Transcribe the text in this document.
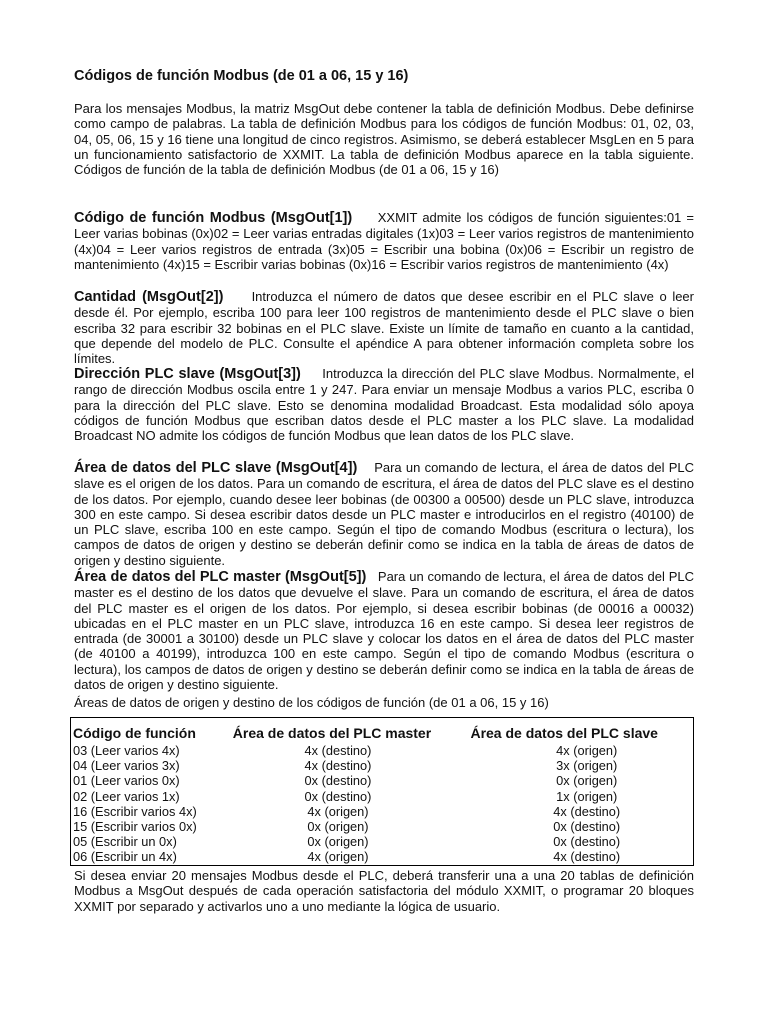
Códigos de función Modbus (de 01 a 06, 15 y 16)

Para los mensajes Modbus, la matriz MsgOut debe contener la tabla de definición Modbus. Debe definirse como campo de palabras. La tabla de definición Modbus para los códigos de función Modbus: 01, 02, 03, 04, 05, 06, 15 y 16 tiene una longitud de cinco registros. Asimismo, se deberá establecer MsgLen en 5 para un funcionamiento satisfactorio de XXMIT. La tabla de definición Modbus aparece en la tabla siguiente. Códigos de función de la tabla de definición Modbus (de 01 a 06, 15 y 16)

Código de función Modbus (MsgOut[1]) XXMIT admite los códigos de función siguientes:01 = Leer varias bobinas (0x)02 = Leer varias entradas digitales (1x)03 = Leer varios registros de mantenimiento (4x)04 = Leer varios registros de entrada (3x)05 = Escribir una bobina (0x)06 = Escribir un registro de mantenimiento (4x)15 = Escribir varias bobinas (0x)16 = Escribir varios registros de mantenimiento (4x)

Cantidad (MsgOut[2]) Introduzca el número de datos que desee escribir en el PLC slave o leer desde él. Por ejemplo, escriba 100 para leer 100 registros de mantenimiento desde el PLC slave o bien escriba 32 para escribir 32 bobinas en el PLC slave. Existe un límite de tamaño en cuanto a la cantidad, que depende del modelo de PLC. Consulte el apéndice A para obtener información completa sobre los límites.

Dirección PLC slave (MsgOut[3]) Introduzca la dirección del PLC slave Modbus. Normalmente, el rango de dirección Modbus oscila entre 1 y 247. Para enviar un mensaje Modbus a varios PLC, escriba 0 para la dirección del PLC slave. Esto se denomina modalidad Broadcast. Esta modalidad sólo apoya códigos de función Modbus que escriban datos desde el PLC master a los PLC slave. La modalidad Broadcast NO admite los códigos de función Modbus que lean datos de los PLC slave.

Área de datos del PLC slave (MsgOut[4]) Para un comando de lectura, el área de datos del PLC slave es el origen de los datos. Para un comando de escritura, el área de datos del PLC slave es el destino de los datos. Por ejemplo, cuando desee leer bobinas (de 00300 a 00500) desde un PLC slave, introduzca 300 en este campo. Si desea escribir datos desde un PLC master e introducirlos en el registro (40100) de un PLC slave, escriba 100 en este campo. Según el tipo de comando Modbus (escritura o lectura), los campos de datos de origen y destino se deberán definir como se indica en la tabla de áreas de datos de origen y destino siguiente.

Área de datos del PLC master (MsgOut[5]) Para un comando de lectura, el área de datos del PLC master es el destino de los datos que devuelve el slave. Para un comando de escritura, el área de datos del PLC master es el origen de los datos. Por ejemplo, si desea escribir bobinas (de 00016 a 00032) ubicadas en el PLC master en un PLC slave, introduzca 16 en este campo. Si desea leer registros de entrada (de 30001 a 30100) desde un PLC slave y colocar los datos en el área de datos del PLC master (de 40100 a 40199), introduzca 100 en este campo. Según el tipo de comando Modbus (escritura o lectura), los campos de datos de origen y destino se deberán definir como se indica en la tabla de áreas de datos de origen y destino siguiente.

Áreas de datos de origen y destino de los códigos de función (de 01 a 06, 15 y 16)

Código de función	Área de datos del PLC master	Área de datos del PLC slave
03 (Leer varios 4x)	4x (destino)	4x (origen)
04 (Leer varios 3x)	4x (destino)	3x (origen)
01 (Leer varios 0x)	0x (destino)	0x (origen)
02 (Leer varios 1x)	0x (destino)	1x (origen)
16 (Escribir varios 4x)	4x (origen)	4x (destino)
15 (Escribir varios 0x)	0x (origen)	0x (destino)
05 (Escribir un 0x)	0x (origen)	0x (destino)
06 (Escribir un 4x)	4x (origen)	4x (destino)

Si desea enviar 20 mensajes Modbus desde el PLC, deberá transferir una a una 20 tablas de definición Modbus a MsgOut después de cada operación satisfactoria del módulo XXMIT, o programar 20 bloques XXMIT por separado y activarlos uno a uno mediante la lógica de usuario.
